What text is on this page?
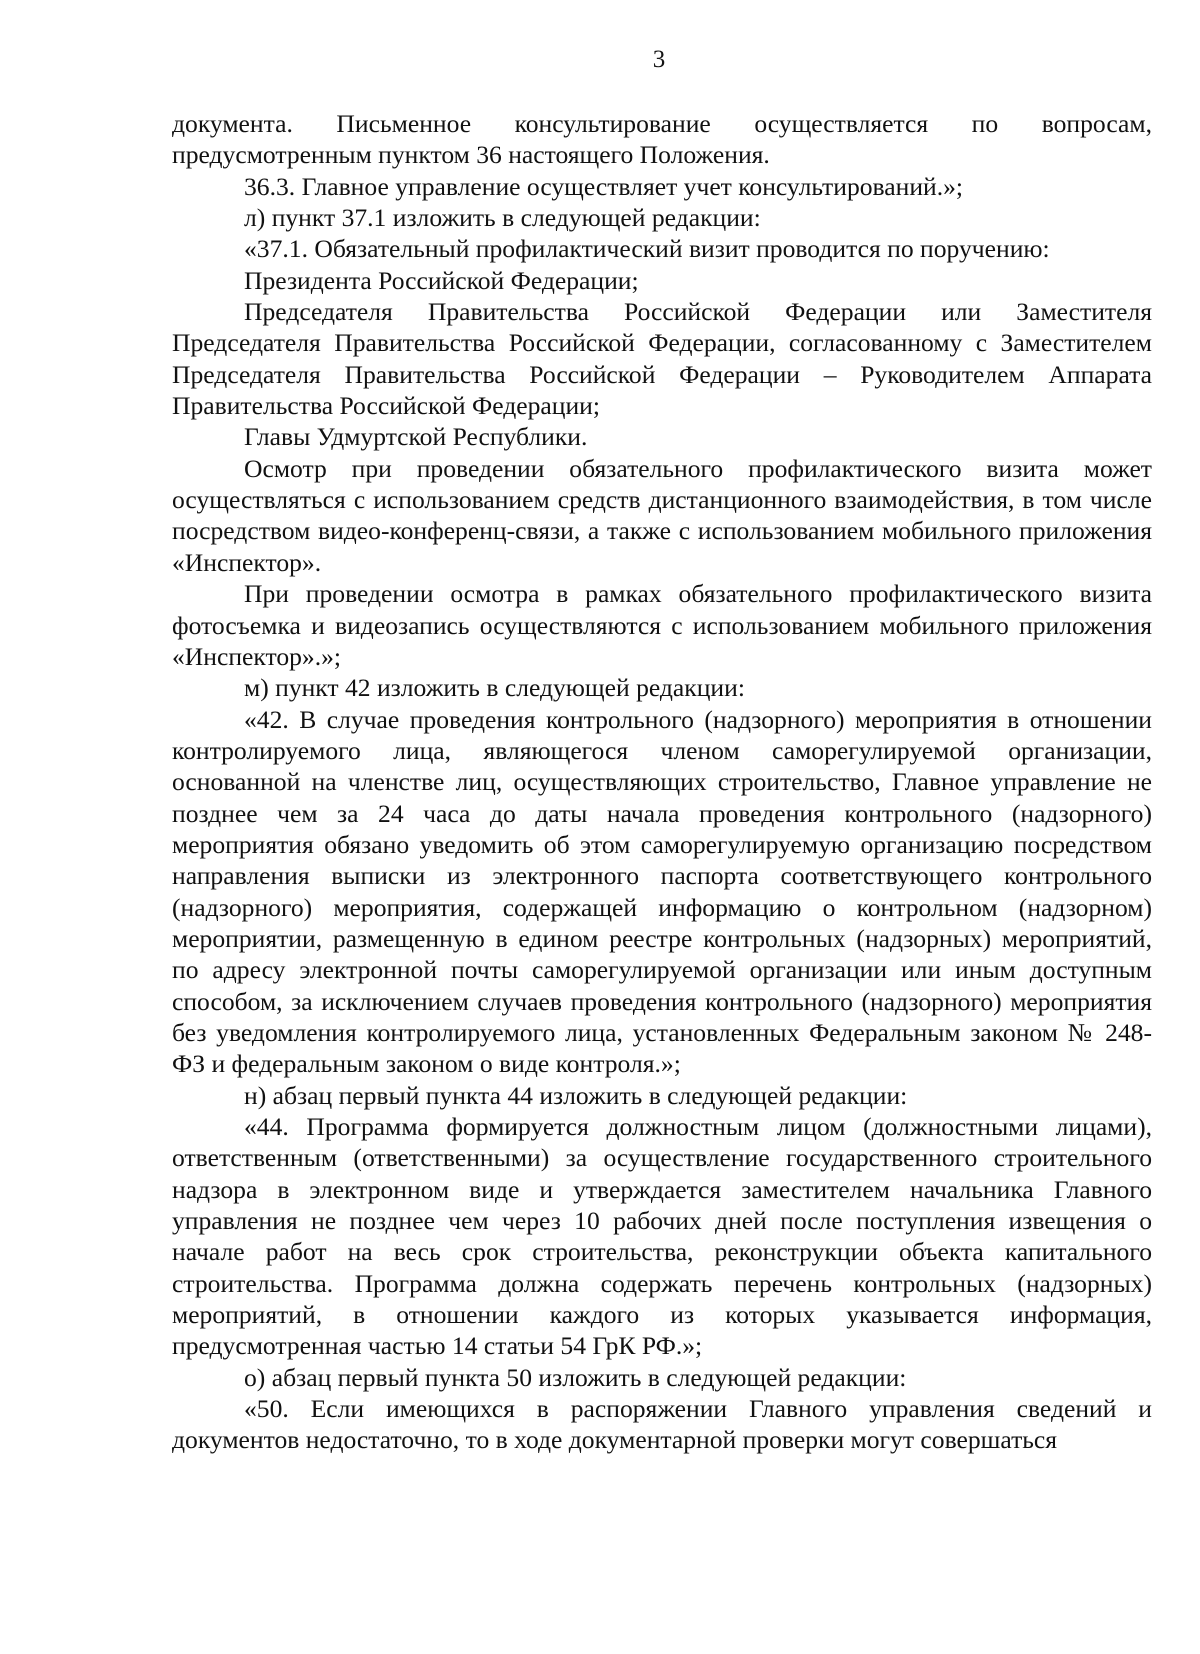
3

документа. Письменное консультирование осуществляется по вопросам, предусмотренным пунктом 36 настоящего Положения.

36.3. Главное управление осуществляет учет консультирований.»;

л) пункт 37.1 изложить в следующей редакции:

«37.1. Обязательный профилактический визит проводится по поручению:

Президента Российской Федерации;

Председателя Правительства Российской Федерации или Заместителя Председателя Правительства Российской Федерации, согласованному с Заместителем Председателя Правительства Российской Федерации – Руководителем Аппарата Правительства Российской Федерации;

Главы Удмуртской Республики.

Осмотр при проведении обязательного профилактического визита может осуществляться с использованием средств дистанционного взаимодействия, в том числе посредством видео-конференц-связи, а также с использованием мобильного приложения «Инспектор».

При проведении осмотра в рамках обязательного профилактического визита фотосъемка и видеозапись осуществляются с использованием мобильного приложения «Инспектор».»;

м) пункт 42 изложить в следующей редакции:

«42. В случае проведения контрольного (надзорного) мероприятия в отношении контролируемого лица, являющегося членом саморегулируемой организации, основанной на членстве лиц, осуществляющих строительство, Главное управление не позднее чем за 24 часа до даты начала проведения контрольного (надзорного) мероприятия обязано уведомить об этом саморегулируемую организацию посредством направления выписки из электронного паспорта соответствующего контрольного (надзорного) мероприятия, содержащей информацию о контрольном (надзорном) мероприятии, размещенную в едином реестре контрольных (надзорных) мероприятий, по адресу электронной почты саморегулируемой организации или иным доступным способом, за исключением случаев проведения контрольного (надзорного) мероприятия без уведомления контролируемого лица, установленных Федеральным законом № 248-ФЗ и федеральным законом о виде контроля.»;

н) абзац первый пункта 44 изложить в следующей редакции:

«44. Программа формируется должностным лицом (должностными лицами), ответственным (ответственными) за осуществление государственного строительного надзора в электронном виде и утверждается заместителем начальника Главного управления не позднее чем через 10 рабочих дней после поступления извещения о начале работ на весь срок строительства, реконструкции объекта капитального строительства. Программа должна содержать перечень контрольных (надзорных) мероприятий, в отношении каждого из которых указывается информация, предусмотренная частью 14 статьи 54 ГрК РФ.»;

о) абзац первый пункта 50 изложить в следующей редакции:

«50. Если имеющихся в распоряжении Главного управления сведений и документов недостаточно, то в ходе документарной проверки могут совершаться
